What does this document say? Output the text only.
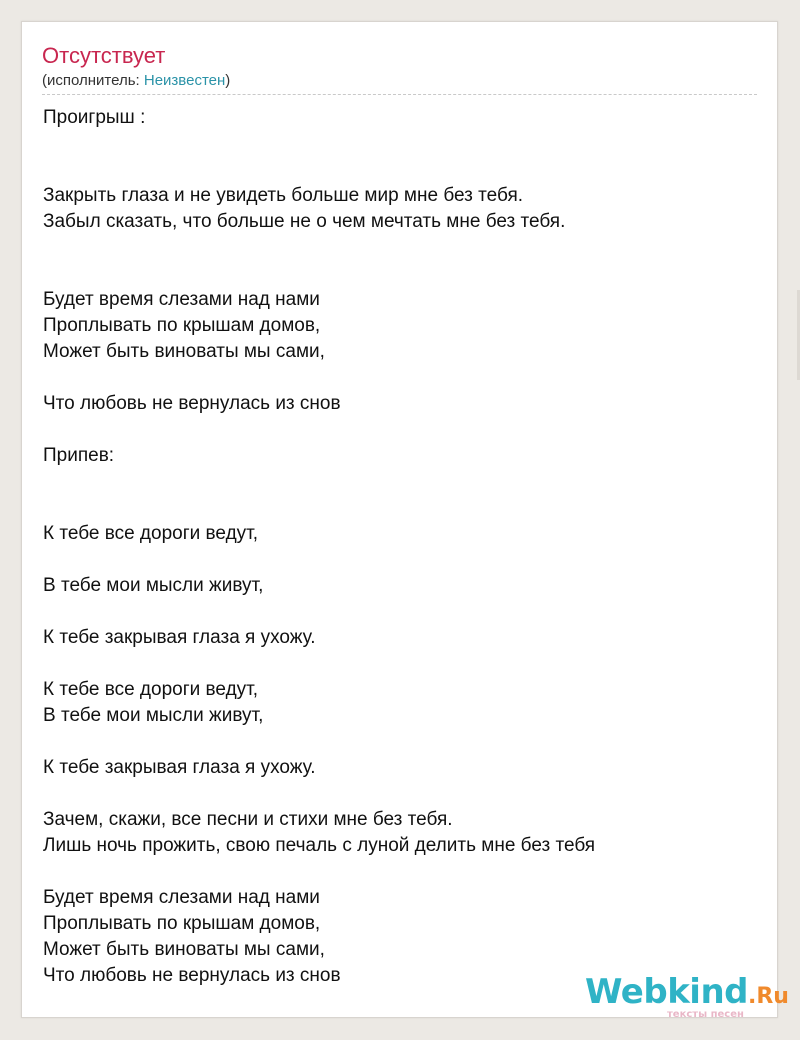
Отсутствует
(исполнитель: Неизвестен)
Проигрыш :

Закрыть глаза и не увидеть больше мир мне без тебя.
Забыл сказать, что больше не о чем мечтать мне без тебя.

Будет время слезами над нами
Проплывать по крышам домов,
Может быть виноваты мы сами,

Что любовь не вернулась из снов

Припев:

К тебе все дороги ведут,

В тебе мои мысли живут,

К тебе закрывая глаза я ухожу.

К тебе все дороги ведут,
В тебе мои мысли живут,

К тебе закрывая глаза я ухожу.

Зачем, скажи, все песни и стихи мне без тебя.
Лишь ночь прожить, свою печаль с луной делить мне без тебя

Будет время слезами над нами
Проплывать по крышам домов,
Может быть виноваты мы сами,
Что любовь не вернулась из снов	Webkind.Ru
тексты песен
